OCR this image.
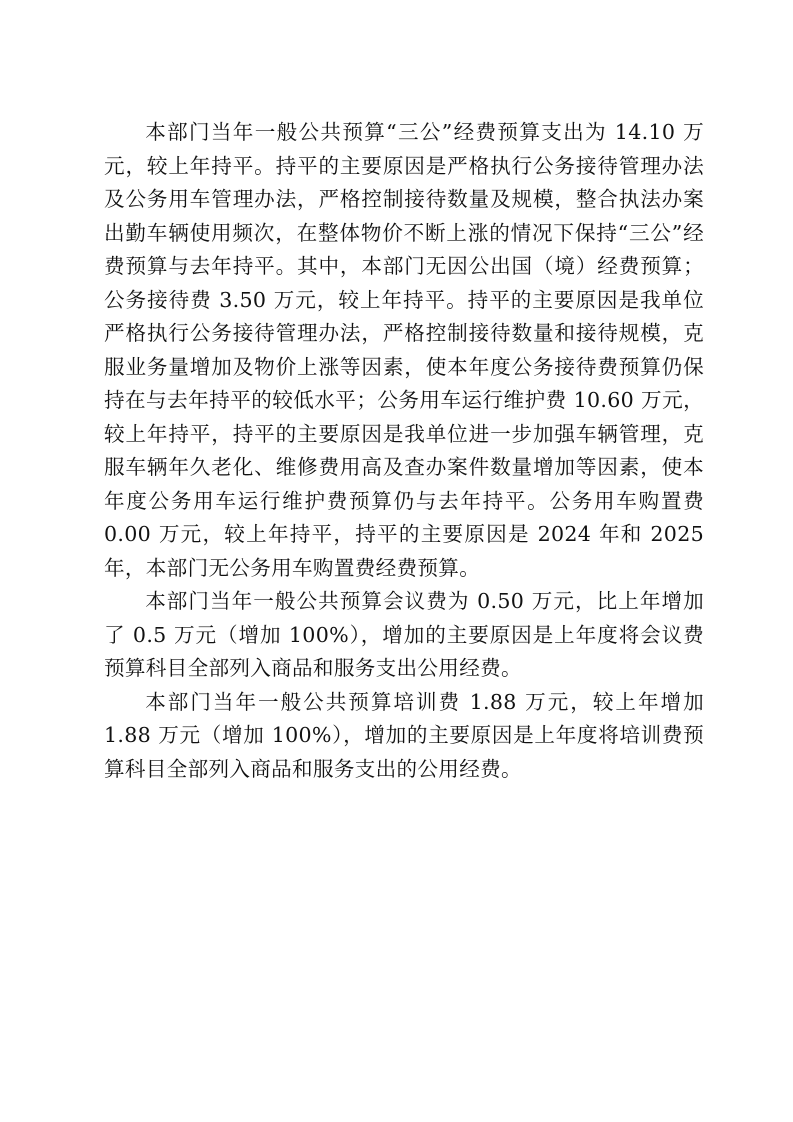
本部门当年一般公共预算“三公”经费预算支出为 14.10 万元，较上年持平。持平的主要原因是严格执行公务接待管理办法及公务用车管理办法，严格控制接待数量及规模，整合执法办案出勤车辆使用频次，在整体物价不断上涨的情况下保持“三公”经费预算与去年持平。其中，本部门无因公出国（境）经费预算；公务接待费 3.50 万元，较上年持平。持平的主要原因是我单位严格执行公务接待管理办法，严格控制接待数量和接待规模，克服业务量增加及物价上涨等因素，使本年度公务接待费预算仍保持在与去年持平的较低水平；公务用车运行维护费 10.60 万元，较上年持平，持平的主要原因是我单位进一步加强车辆管理，克服车辆年久老化、维修费用高及查办案件数量增加等因素，使本年度公务用车运行维护费预算仍与去年持平。公务用车购置费 0.00 万元，较上年持平，持平的主要原因是 2024 年和 2025 年，本部门无公务用车购置费经费预算。

本部门当年一般公共预算会议费为 0.50 万元，比上年增加了 0.5 万元（增加 100%），增加的主要原因是上年度将会议费预算科目全部列入商品和服务支出公用经费。

本部门当年一般公共预算培训费 1.88 万元，较上年增加 1.88 万元（增加 100%），增加的主要原因是上年度将培训费预算科目全部列入商品和服务支出的公用经费。
